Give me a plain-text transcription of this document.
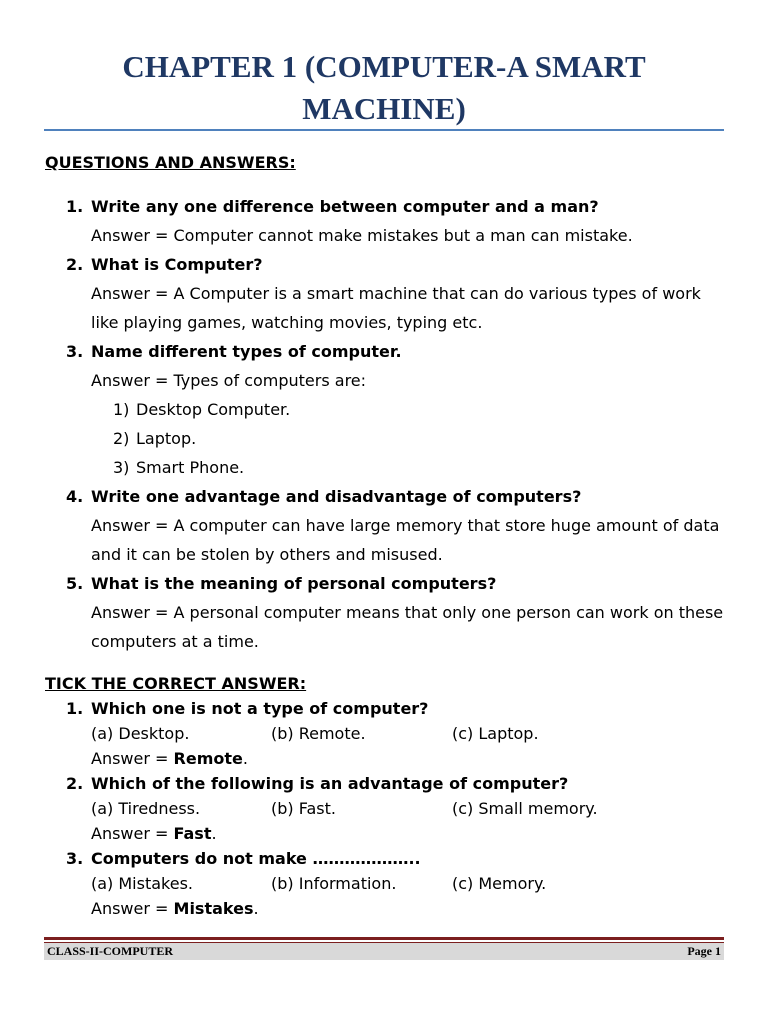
CHAPTER 1 (COMPUTER-A SMART MACHINE)
QUESTIONS AND ANSWERS:
1. Write any one difference between computer and a man?
Answer = Computer cannot make mistakes but a man can mistake.
2. What is Computer?
Answer = A Computer is a smart machine that can do various types of work like playing games, watching movies, typing etc.
3. Name different types of computer.
Answer = Types of computers are:
1) Desktop Computer.
2) Laptop.
3) Smart Phone.
4. Write one advantage and disadvantage of computers?
Answer = A computer can have large memory that store huge amount of data and it can be stolen by others and misused.
5. What is the meaning of personal computers?
Answer = A personal computer means that only one person can work on these computers at a time.
TICK THE CORRECT ANSWER:
1. Which one is not a type of computer?
(a) Desktop.	(b) Remote.	(c) Laptop.
Answer = Remote.
2. Which of the following is an advantage of computer?
(a) Tiredness.	(b) Fast.	(c) Small memory.
Answer = Fast.
3. Computers do not make ………………..
(a) Mistakes.	(b) Information.	(c) Memory.
Answer = Mistakes.
CLASS-II-COMPUTER	Page 1
